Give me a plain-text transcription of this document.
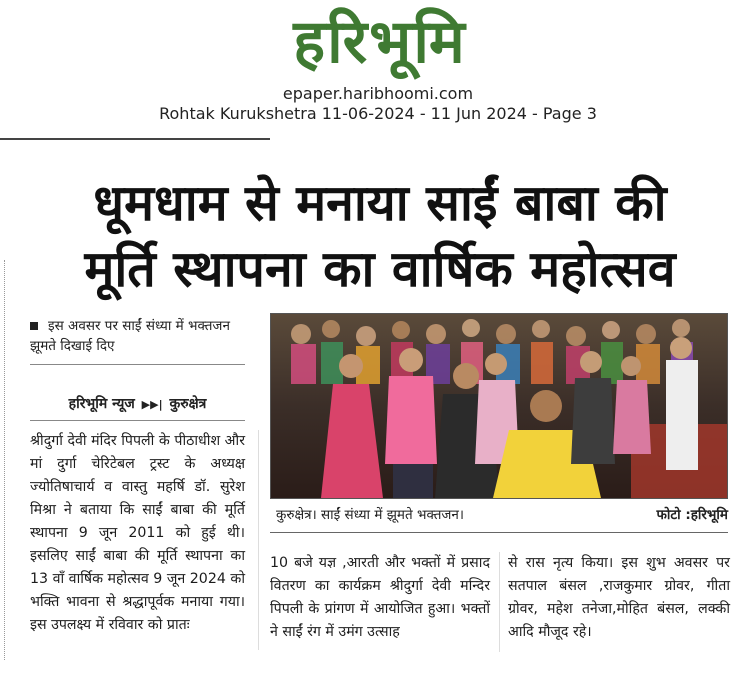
हरिभूमि
epaper.haribhoomi.com
Rohtak Kurukshetra 11-06-2024 - 11 Jun 2024 - Page 3
धूमधाम से मनाया साईं बाबा की
मूर्ति स्थापना का वार्षिक महोत्सव
इस अवसर पर साईं संध्या में भक्तजन झूमते दिखाई दिए
हरिभूमि न्यूज ▶▶| कुरुक्षेत्र
श्रीदुर्गा देवी मंदिर पिपली के पीठाधीश और मां दुर्गा चेरिटेबल ट्रस्ट के अध्यक्ष ज्योतिषाचार्य व वास्तु महर्षि डॉ. सुरेश मिश्रा ने बताया कि साईं बाबा की मूर्ति स्थापना 9 जून 2011 को हुई थी। इसलिए साईं बाबा की मूर्ति स्थापना का 13 वॉं वार्षिक महोत्सव 9 जून 2024 को भक्ति भावना से श्रद्धापूर्वक मनाया गया। इस उपलक्ष्य में रविवार को प्रातः
कुरुक्षेत्र। साईं संध्या में झूमते भक्तजन।	फोटो :हरिभूमि
10 बजे यज्ञ ,आरती और भक्तों में प्रसाद वितरण का कार्यक्रम श्रीदुर्गा देवी मन्दिर पिपली के प्रांगण में आयोजित हुआ। भक्तों ने साईं रंग में उमंग उत्साह
से रास नृत्य किया। इस शुभ अवसर पर सतपाल बंसल ,राजकुमार ग्रोवर, गीता ग्रोवर, महेश तनेजा,मोहित बंसल, लक्की आदि मौजूद रहे।
